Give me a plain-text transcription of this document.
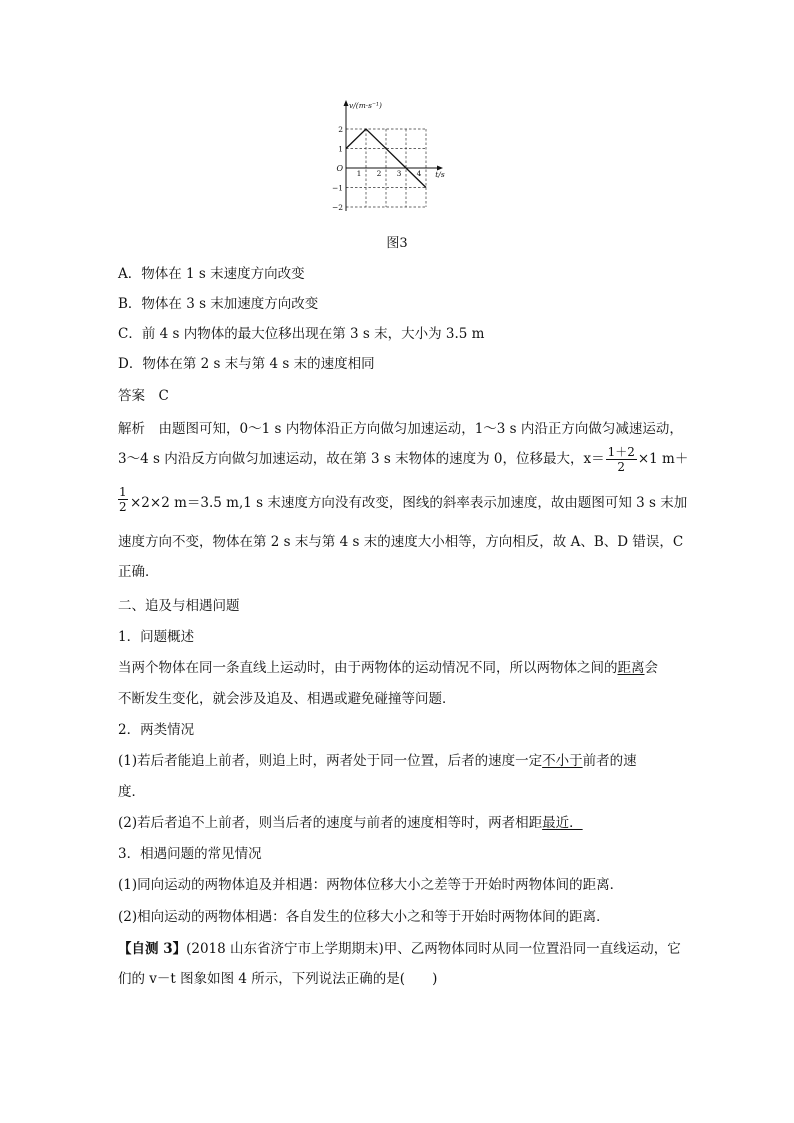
v/(m·s⁻¹)
t/s
O
1 2 3 4
2
1
−1
−2
图3
A．物体在 1 s 末速度方向改变
B．物体在 3 s 末加速度方向改变
C．前 4 s 内物体的最大位移出现在第 3 s 末，大小为 3.5 m
D．物体在第 2 s 末与第 4 s 末的速度相同
答案　C
解析　由题图可知，0～1 s 内物体沿正方向做匀加速运动，1～3 s 内沿正方向做匀减速运动，
3～4 s 内沿反方向做匀加速运动，故在第 3 s 末物体的速度为 0，位移最大，$x= \frac{1+2}{2} \times 1$ m＋
$\frac{1}{2} \times 2\times 2$ m＝3.5 m,1 s 末速度方向没有改变，图线的斜率表示加速度，故由题图可知 3 s 末加
速度方向不变，物体在第 2 s 末与第 4 s 末的速度大小相等，方向相反，故 A、B、D 错误，C
正确．
二、追及与相遇问题
1．问题概述
当两个物体在同一条直线上运动时，由于两物体的运动情况不同，所以两物体之间的距离会
不断发生变化，就会涉及追及、相遇或避免碰撞等问题．
2．两类情况
(1)若后者能追上前者，则追上时，两者处于同一位置，后者的速度一定不小于前者的速
度．
(2)若后者追不上前者，则当后者的速度与前者的速度相等时，两者相距最近．
3．相遇问题的常见情况
(1)同向运动的两物体追及并相遇：两物体位移大小之差等于开始时两物体间的距离．
(2)相向运动的两物体相遇：各自发生的位移大小之和等于开始时两物体间的距离．
【自测 3】(2018 山东省济宁市上学期期末)甲、乙两物体同时从同一位置沿同一直线运动，它
们的 v－t 图象如图 4 所示，下列说法正确的是(　　)
